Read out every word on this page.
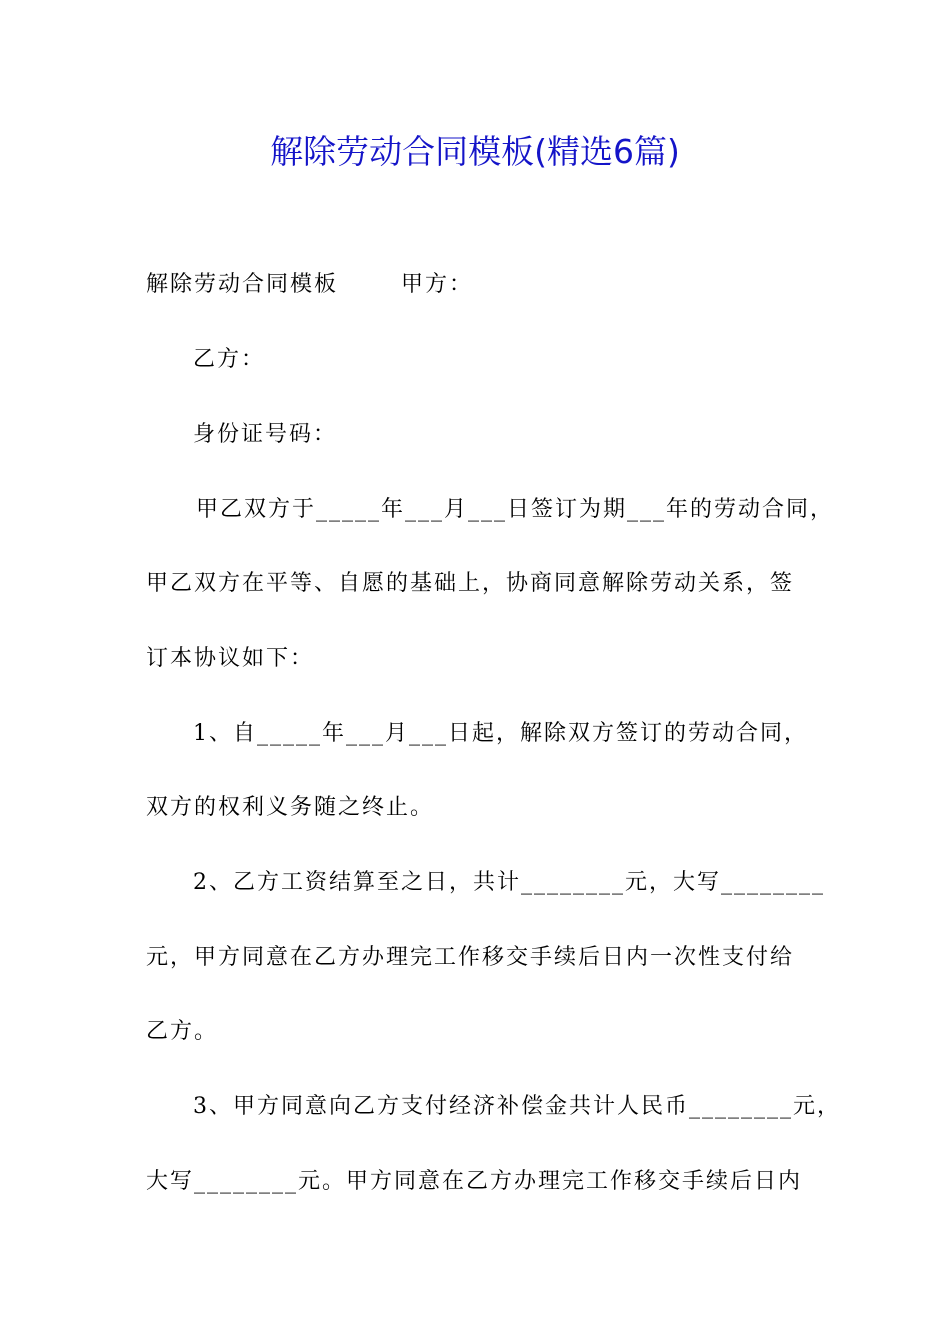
解除劳动合同模板(精选6篇)
解除劳动合同模板       甲方：
乙方：
身份证号码：
甲乙双方于_____年___月___日签订为期___年的劳动合同，
甲乙双方在平等、自愿的基础上，协商同意解除劳动关系，签
订本协议如下：
1、自_____年___月___日起，解除双方签订的劳动合同，
双方的权利义务随之终止。
2、乙方工资结算至之日，共计________元，大写________
元，甲方同意在乙方办理完工作移交手续后日内一次性支付给
乙方。
3、甲方同意向乙方支付经济补偿金共计人民币________元，
大写________元。甲方同意在乙方办理完工作移交手续后日内
